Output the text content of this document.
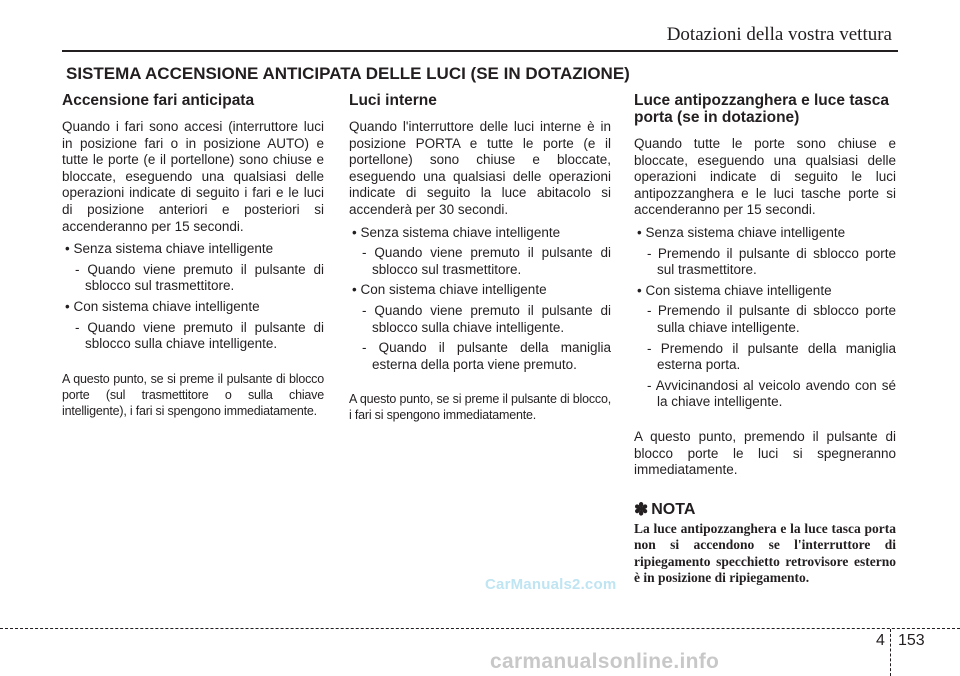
Dotazioni della vostra vettura
SISTEMA ACCENSIONE ANTICIPATA DELLE LUCI (SE IN DOTAZIONE)
Accensione fari anticipata

Quando i fari sono accesi (interruttore luci in posizione fari o in posizione AUTO) e tutte le porte (e il portellone) sono chiuse e bloccate, eseguendo una qualsiasi delle operazioni indicate di seguito i fari e le luci di posizione anteriori e posteriori si accenderanno per 15 secondi.

• Senza sistema chiave intelligente
- Quando viene premuto il pulsante di sblocco sul trasmettitore.
• Con sistema chiave intelligente
- Quando viene premuto il pulsante di sblocco sulla chiave intelligente.

A questo punto, se si preme il pulsante di blocco porte (sul trasmettitore o sulla chiave intelligente), i fari si spengono immediatamente.

Luci interne

Quando l'interruttore delle luci interne è in posizione PORTA e tutte le porte (e il portellone) sono chiuse e bloccate, eseguendo una qualsiasi delle operazioni indicate di seguito la luce abitacolo si accenderà per 30 secondi.

• Senza sistema chiave intelligente
- Quando viene premuto il pulsante di sblocco sul trasmettitore.
• Con sistema chiave intelligente
- Quando viene premuto il pulsante di sblocco sulla chiave intelligente.
- Quando il pulsante della maniglia esterna della porta viene premuto.

A questo punto, se si preme il pulsante di blocco, i fari si spengono immediatamente.

Luce antipozzanghera e luce tasca porta (se in dotazione)

Quando tutte le porte sono chiuse e bloccate, eseguendo una qualsiasi delle operazioni indicate di seguito le luci antipozzanghera e le luci tasche porte si accenderanno per 15 secondi.

• Senza sistema chiave intelligente
- Premendo il pulsante di sblocco porte sul trasmettitore.
• Con sistema chiave intelligente
- Premendo il pulsante di sblocco porte sulla chiave intelligente.
- Premendo il pulsante della maniglia esterna porta.
- Avvicinandosi al veicolo avendo con sé la chiave intelligente.

A questo punto, premendo il pulsante di blocco porte le luci si spegneranno immediatamente.

✽ NOTA
La luce antipozzanghera e la luce tasca porta non si accendono se l'interruttore di ripiegamento specchietto retrovisore esterno è in posizione di ripiegamento.
CarManuals2.com
4 153
carmanualsonline.info
